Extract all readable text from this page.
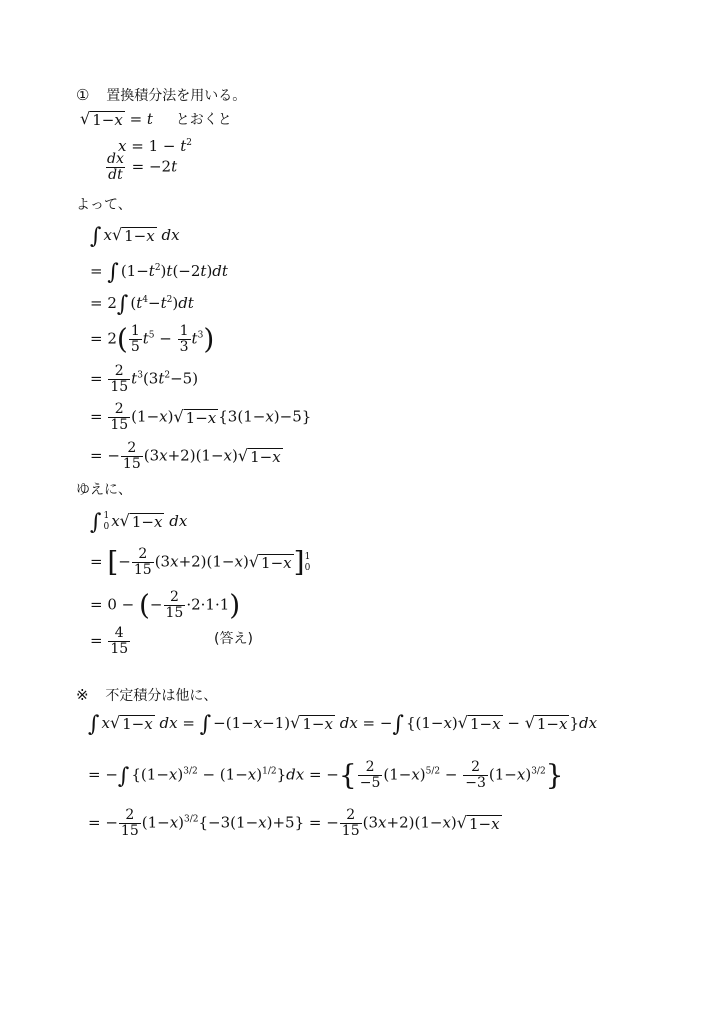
① 置換積分法を用いる。
√ 1−x = t とおくと
$x = 1 - t^2$
$\frac{dx}{dt} = -2t$
よって、
∫ x √ 1−x dx
= ∫ $(1-t^2)t(-2t)dt$
= 2∫ $(t^4-t^2)dt$
= $2( \frac{1}{5} t^5 - \frac{1}{3} t^3)$
= $\frac{2}{15} t^3(3t^2-5)$
= $\frac{2}{15} (1-x)$ √ 1−x {3(1−x)−5}
= − $\frac{2}{15} (3x+2)(1-x)$ √ 1−x
ゆえに、
∫ 1
0 x √ 1−x dx
= [− $\frac{2}{15} (3x+2)(1-x)$ √ 1−x ] 1
0
= 0 − (− $\frac{2}{15} \cdot 2\cdot 1\cdot 1$)
= $\frac{4}{15}$	(答え)
※ 不定積分は他に、
∫ x √ 1−x dx = ∫ −(1−x−1) √ 1−x dx = −∫ {(1−x) √ 1−x − √ 1−x }dx
= −∫ $\{(1-x)^{3/2} - (1-x)^{1/2}\}dx$ = −{ $\frac{2}{-5} (1-x)^{5/2} - \frac{2}{-3} (1-x)^{3/2}$}
= − $\frac{2}{15} (1-x)^{3/2}\{-3(1-x)+5\}$ = − $\frac{2}{15} (3x+2)(1-x)$ √ 1−x
